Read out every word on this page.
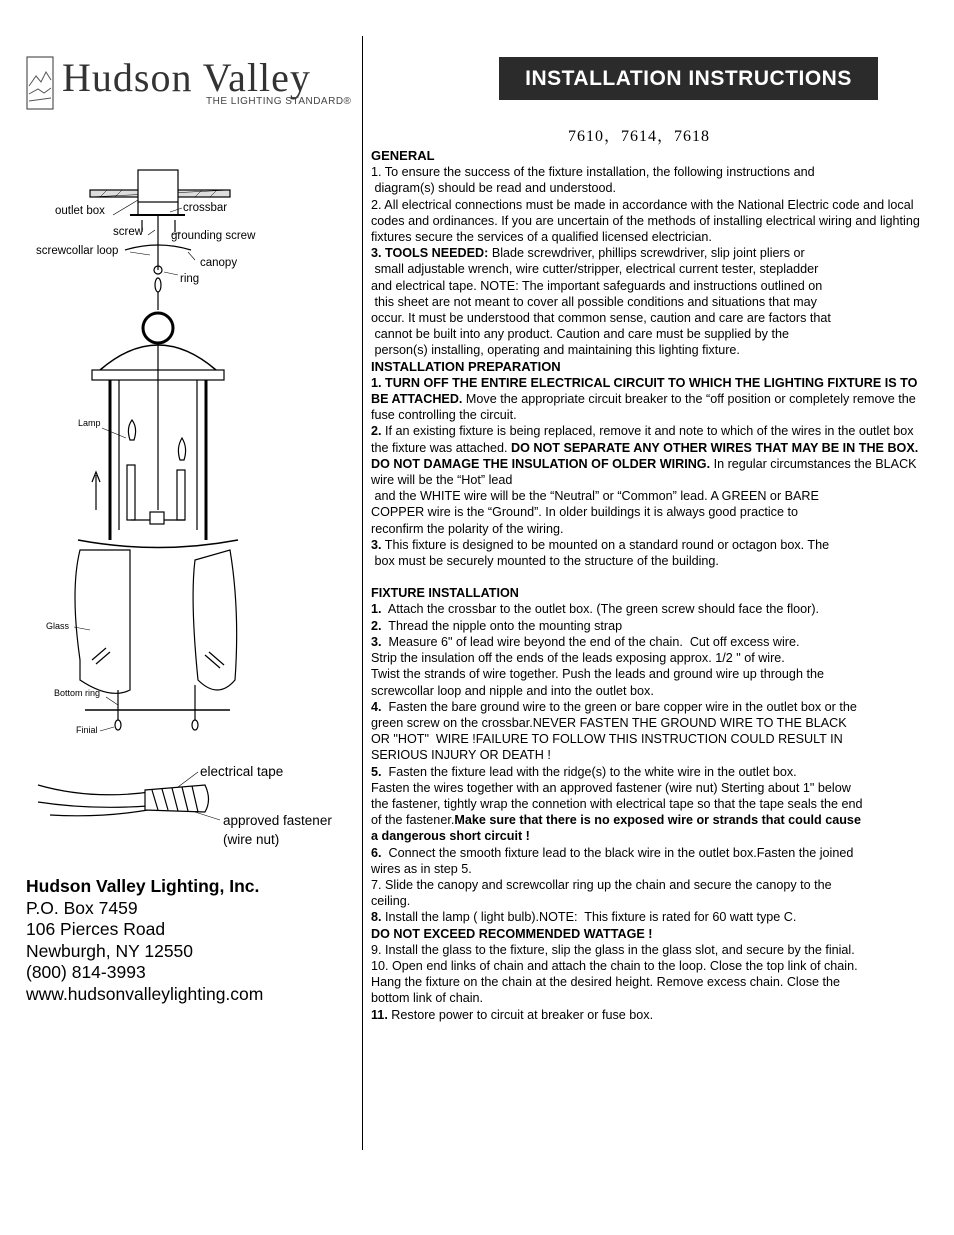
Hudson Valley
THE LIGHTING STANDARD®
INSTALLATION INSTRUCTIONS
7610，7614，7618
outlet box	crossbar
screw grounding screw
screwcollar loop
canopy
ring
Lamp
Glass
Bottom ring
Finial
electrical tape
approved fastener
(wire nut)
Hudson Valley Lighting, Inc.
P.O. Box 7459
106 Pierces Road
Newburgh, NY 12550
(800) 814-3993
www.hudsonvalleylighting.com

GENERAL

1. To ensure the success of the fixture installation, the following instructions and

diagram(s) should be read and understood.

2. All electrical connections must be made in accordance with the National Electric code and local codes and ordinances. If you are uncertain of the methods of installing electrical wiring and lighting fixtures secure the services of a qualified licensed electrician.

3. TOOLS NEEDED: Blade screwdriver, phillips screwdriver, slip joint pliers or

small adjustable wrench, wire cutter/stripper, electrical current tester, stepladder

and electrical tape. NOTE: The important safeguards and instructions outlined on

this sheet are not meant to cover all possible conditions and situations that may

occur. It must be understood that common sense, caution and care are factors that

cannot be built into any product. Caution and care must be supplied by the

person(s) installing, operating and maintaining this lighting fixture.

INSTALLATION PREPARATION

1. TURN OFF THE ENTIRE ELECTRICAL CIRCUIT TO WHICH THE LIGHTING FIXTURE IS TO BE ATTACHED. Move the appropriate circuit breaker to the “off position or completely remove the fuse controlling the circuit.

2. If an existing fixture is being replaced, remove it and note to which of the wires in the outlet box the fixture was attached. DO NOT SEPARATE ANY OTHER WIRES THAT MAY BE IN THE BOX. DO NOT DAMAGE THE INSULATION OF OLDER WIRING. In regular circumstances the BLACK wire will be the “Hot” lead

and the WHITE wire will be the “Neutral” or “Common” lead. A GREEN or BARE

COPPER wire is the “Ground”. In older buildings it is always good practice to

reconfirm the polarity of the wiring.

3. This fixture is designed to be mounted on a standard round or octagon box. The

box must be securely mounted to the structure of the building.

FIXTURE INSTALLATION

1.  Attach the crossbar to the outlet box. (The green screw should face the floor).

2.  Thread the nipple onto the mounting strap

3.  Measure 6" of lead wire beyond the end of the chain.  Cut off excess wire.

Strip the insulation off the ends of the leads exposing approx. 1/2 " of wire.

Twist the strands of wire together. Push the leads and ground wire up through the

screwcollar loop and nipple and into the outlet box.

4.  Fasten the bare ground wire to the green or bare copper wire in the outlet box or the

green screw on the crossbar.NEVER FASTEN THE GROUND WIRE TO THE BLACK

OR "HOT"  WIRE !FAILURE TO FOLLOW THIS INSTRUCTION COULD RESULT IN

SERIOUS INJURY OR DEATH !

5.  Fasten the fixture lead with the ridge(s) to the white wire in the outlet box.

Fasten the wires together with an approved fastener (wire nut) Sterting about 1" below

the fastener, tightly wrap the connetion with electrical tape so that the tape seals the end

of the fastener.Make sure that there is no exposed wire or strands that could cause

a dangerous short circuit !

6.  Connect the smooth fixture lead to the black wire in the outlet box.Fasten the joined

wires as in step 5.

7. Slide the canopy and screwcollar ring up the chain and secure the canopy to the

ceiling.

8. Install the lamp ( light bulb).NOTE:  This fixture is rated for 60 watt type C.

DO NOT EXCEED RECOMMENDED WATTAGE !

9. Install the glass to the fixture, slip the glass in the glass slot, and secure by the finial.

10. Open end links of chain and attach the chain to the loop. Close the top link of chain.

Hang the fixture on the chain at the desired height. Remove excess chain. Close the

bottom link of chain.

11. Restore power to circuit at breaker or fuse box.
